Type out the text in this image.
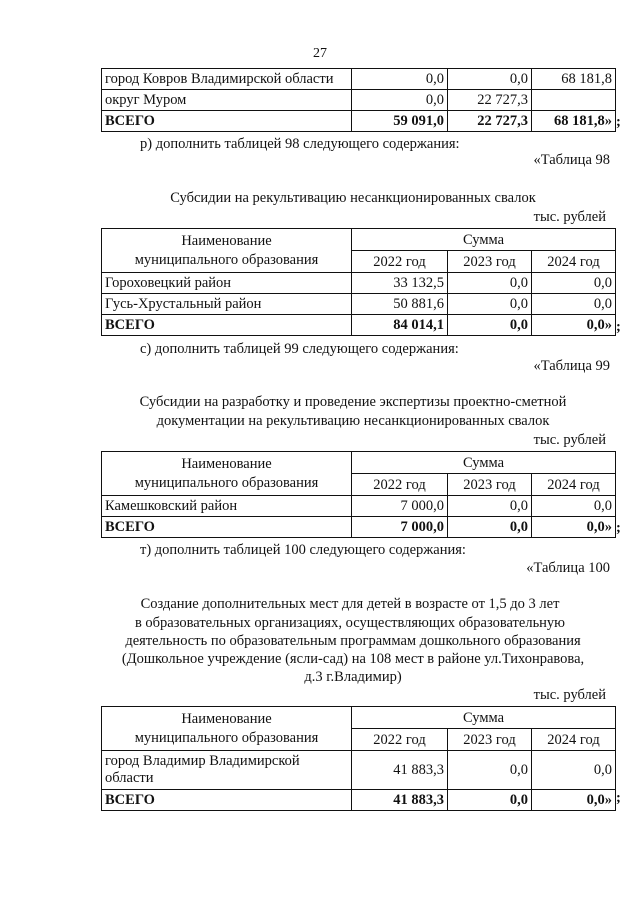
27
город Ковров Владимирской области	0,0	0,0	68 181,8
округ Муром	0,0	22 727,3	
ВСЕГО	59 091,0	22 727,3	68 181,8» ;
р) дополнить таблицей 98 следующего содержания:
«Таблица 98
Субсидии на рекультивацию несанкционированных свалок
тыс. рублей
Наименование
муниципального образования	Сумма		
	2022 год	2023 год	2024 год
Гороховецкий район	33 132,5	0,0	0,0
Гусь-Хрустальный район	50 881,6	0,0	0,0
ВСЕГО	84 014,1	0,0	0,0» ;
с) дополнить таблицей 99 следующего содержания:
«Таблица 99
Субсидии на разработку и проведение экспертизы проектно-сметной
документации на рекультивацию несанкционированных свалок
тыс. рублей
Наименование
муниципального образования	Сумма		
	2022 год	2023 год	2024 год
Камешковский район	7 000,0	0,0	0,0
ВСЕГО	7 000,0	0,0	0,0» ;
т) дополнить таблицей 100 следующего содержания:
«Таблица 100
Создание дополнительных мест для детей в возрасте от 1,5 до 3 лет
в образовательных организациях, осуществляющих образовательную
деятельность по образовательным программам дошкольного образования
(Дошкольное учреждение (ясли-сад) на 108 мест в районе ул.Тихонравова,
д.3 г.Владимир)
тыс. рублей
Наименование
муниципального образования	Сумма		
	2022 год	2023 год	2024 год
город Владимир Владимирской
области	41 883,3	0,0	0,0
ВСЕГО	41 883,3	0,0	0,0» ;
